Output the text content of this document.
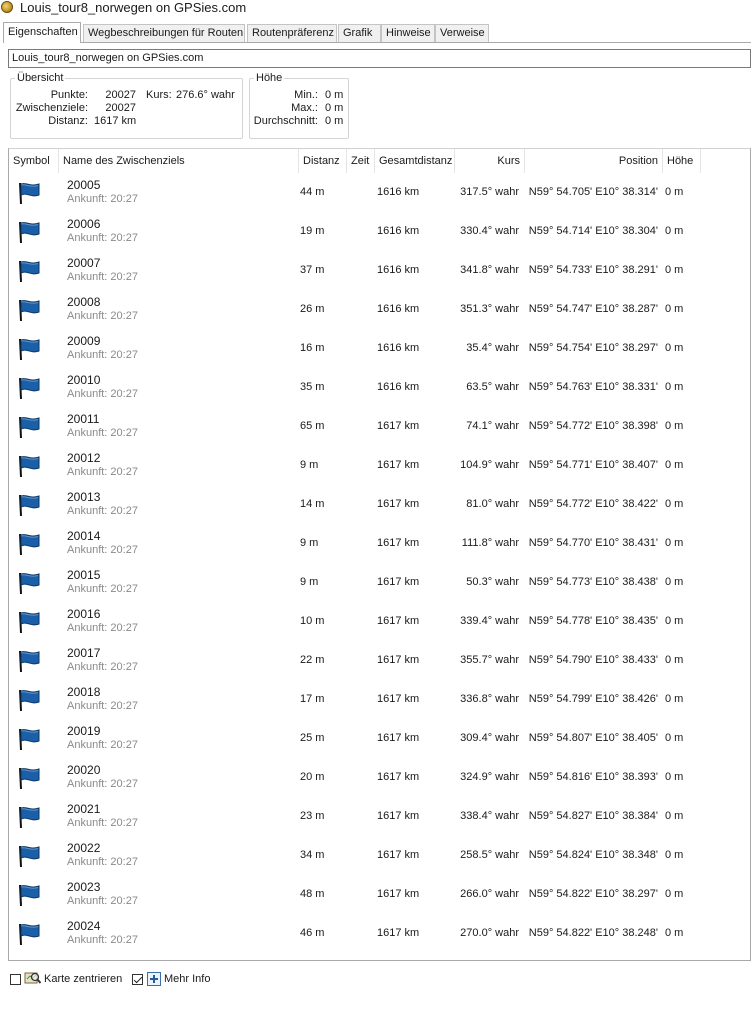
Louis_tour8_norwegen on GPSies.com
Eigenschaften Wegbeschreibungen für Routen Routenpräferenz Grafik	Hinweise Verweise
Louis_tour8_norwegen on GPSies.com
Übersicht
Punkte:	20027 Kurs: 276.6° wahr
Zwischenziele:	20027
Distanz: 1617 km
Höhe
Min.: 0 m
Max.: 0 m
Durchschnitt: 0 m
Symbol	Name des Zwischenziels	Distanz	Zeit Gesamtdistanz	Kurs	Position Höhe
20005
Ankunft: 20:27
44 m	1616 km	317.5° wahr N59° 54.705' E10° 38.314' 0 m
20006
Ankunft: 20:27
19 m	1616 km	330.4° wahr N59° 54.714' E10° 38.304' 0 m
20007
Ankunft: 20:27
37 m	1616 km	341.8° wahr N59° 54.733' E10° 38.291' 0 m
20008
Ankunft: 20:27
26 m	1616 km	351.3° wahr N59° 54.747' E10° 38.287' 0 m
20009
Ankunft: 20:27
16 m	1616 km	35.4° wahr N59° 54.754' E10° 38.297' 0 m
20010
Ankunft: 20:27
35 m	1616 km	63.5° wahr N59° 54.763' E10° 38.331' 0 m
20011
Ankunft: 20:27
65 m	1617 km	74.1° wahr N59° 54.772' E10° 38.398' 0 m
20012
Ankunft: 20:27
9 m	1617 km	104.9° wahr N59° 54.771' E10° 38.407' 0 m
20013
Ankunft: 20:27
14 m	1617 km	81.0° wahr N59° 54.772' E10° 38.422' 0 m
20014
Ankunft: 20:27
9 m	1617 km	111.8° wahr N59° 54.770' E10° 38.431' 0 m
20015
Ankunft: 20:27
9 m	1617 km	50.3° wahr N59° 54.773' E10° 38.438' 0 m
20016
Ankunft: 20:27
10 m	1617 km	339.4° wahr N59° 54.778' E10° 38.435' 0 m
20017
Ankunft: 20:27
22 m	1617 km	355.7° wahr N59° 54.790' E10° 38.433' 0 m
20018
Ankunft: 20:27
17 m	1617 km	336.8° wahr N59° 54.799' E10° 38.426' 0 m
20019
Ankunft: 20:27
25 m	1617 km	309.4° wahr N59° 54.807' E10° 38.405' 0 m
20020
Ankunft: 20:27
20 m	1617 km	324.9° wahr N59° 54.816' E10° 38.393' 0 m
20021
Ankunft: 20:27
23 m	1617 km	338.4° wahr N59° 54.827' E10° 38.384' 0 m
20022
Ankunft: 20:27
34 m	1617 km	258.5° wahr N59° 54.824' E10° 38.348' 0 m
20023
Ankunft: 20:27
48 m	1617 km	266.0° wahr N59° 54.822' E10° 38.297' 0 m
20024
Ankunft: 20:27
46 m	1617 km	270.0° wahr N59° 54.822' E10° 38.248' 0 m
Karte zentrieren	Mehr Info
